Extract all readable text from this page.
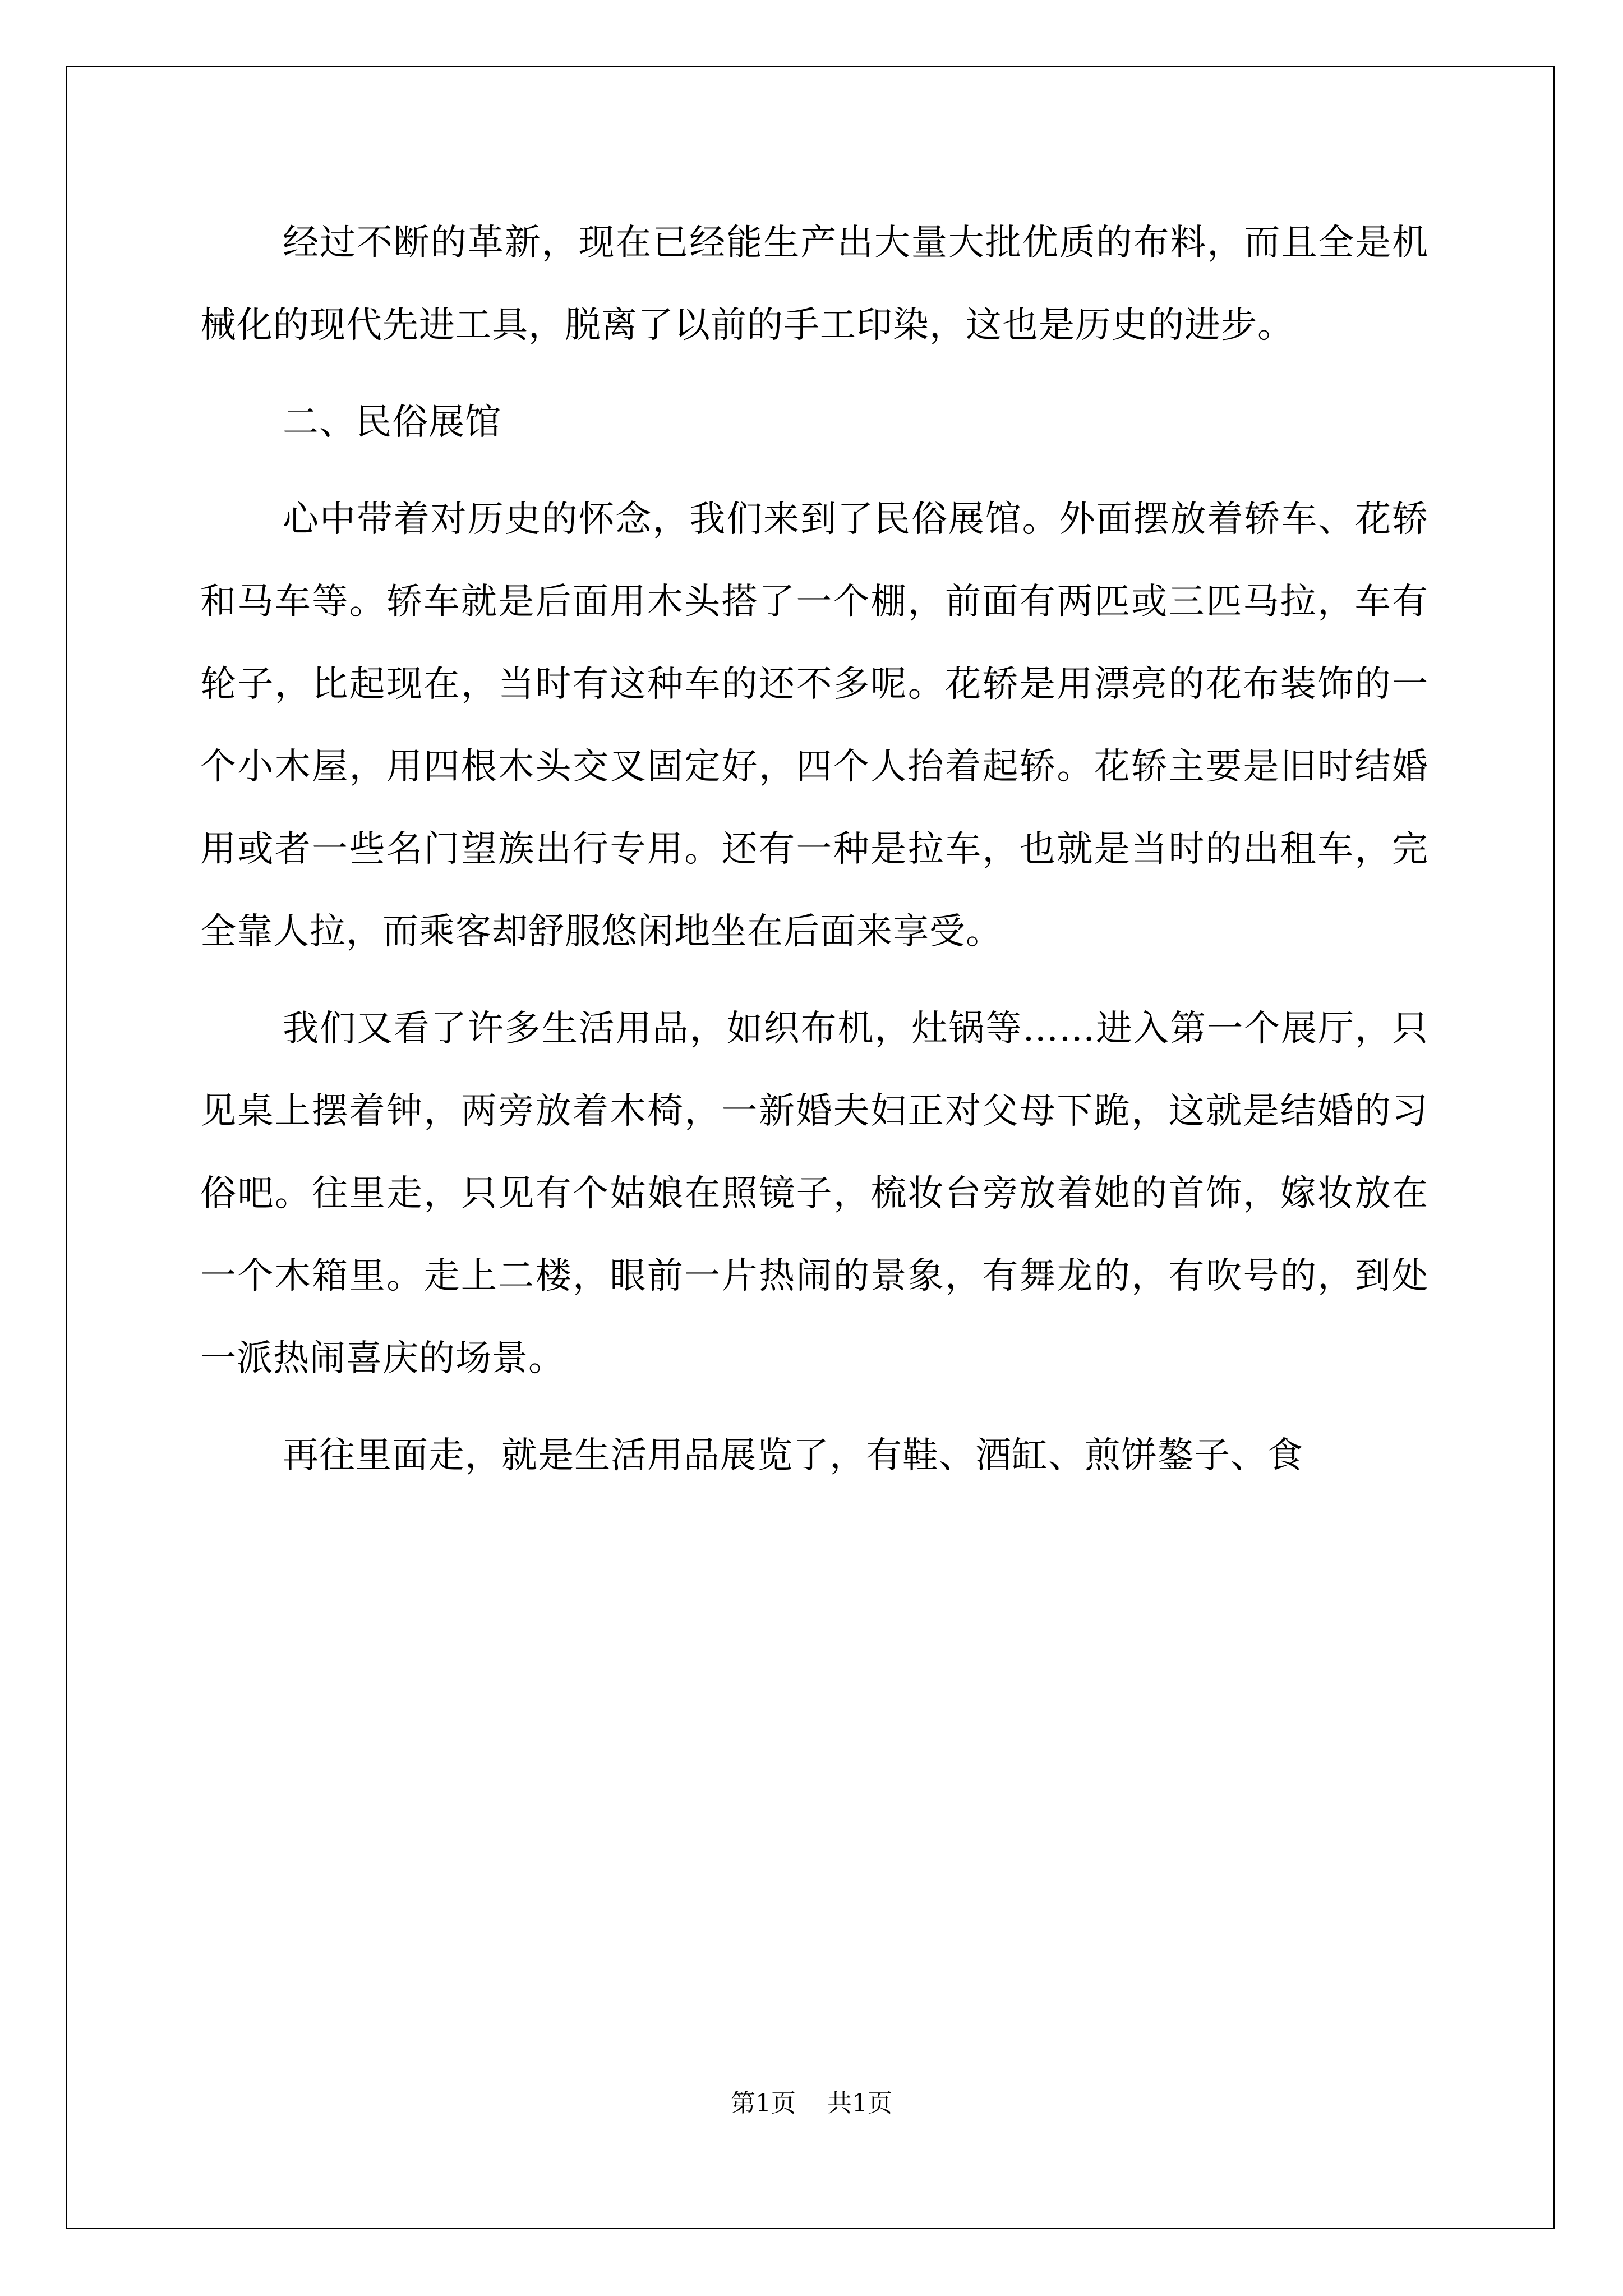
经过不断的革新，现在已经能生产出大量大批优质的布料，而且全是机械化的现代先进工具，脱离了以前的手工印染，这也是历史的进步。

二、民俗展馆

心中带着对历史的怀念，我们来到了民俗展馆。外面摆放着轿车、花轿和马车等。轿车就是后面用木头搭了一个棚，前面有两匹或三匹马拉，车有轮子，比起现在，当时有这种车的还不多呢。花轿是用漂亮的花布装饰的一个小木屋，用四根木头交叉固定好，四个人抬着起轿。花轿主要是旧时结婚用或者一些名门望族出行专用。还有一种是拉车，也就是当时的出租车，完全靠人拉，而乘客却舒服悠闲地坐在后面来享受。

我们又看了许多生活用品，如织布机，灶锅等……进入第一个展厅，只见桌上摆着钟，两旁放着木椅，一新婚夫妇正对父母下跪，这就是结婚的习俗吧。往里走，只见有个姑娘在照镜子，梳妆台旁放着她的首饰，嫁妆放在一个木箱里。走上二楼，眼前一片热闹的景象，有舞龙的，有吹号的，到处一派热闹喜庆的场景。

再往里面走，就是生活用品展览了，有鞋、酒缸、煎饼鏊子、食

第1页    共1页
